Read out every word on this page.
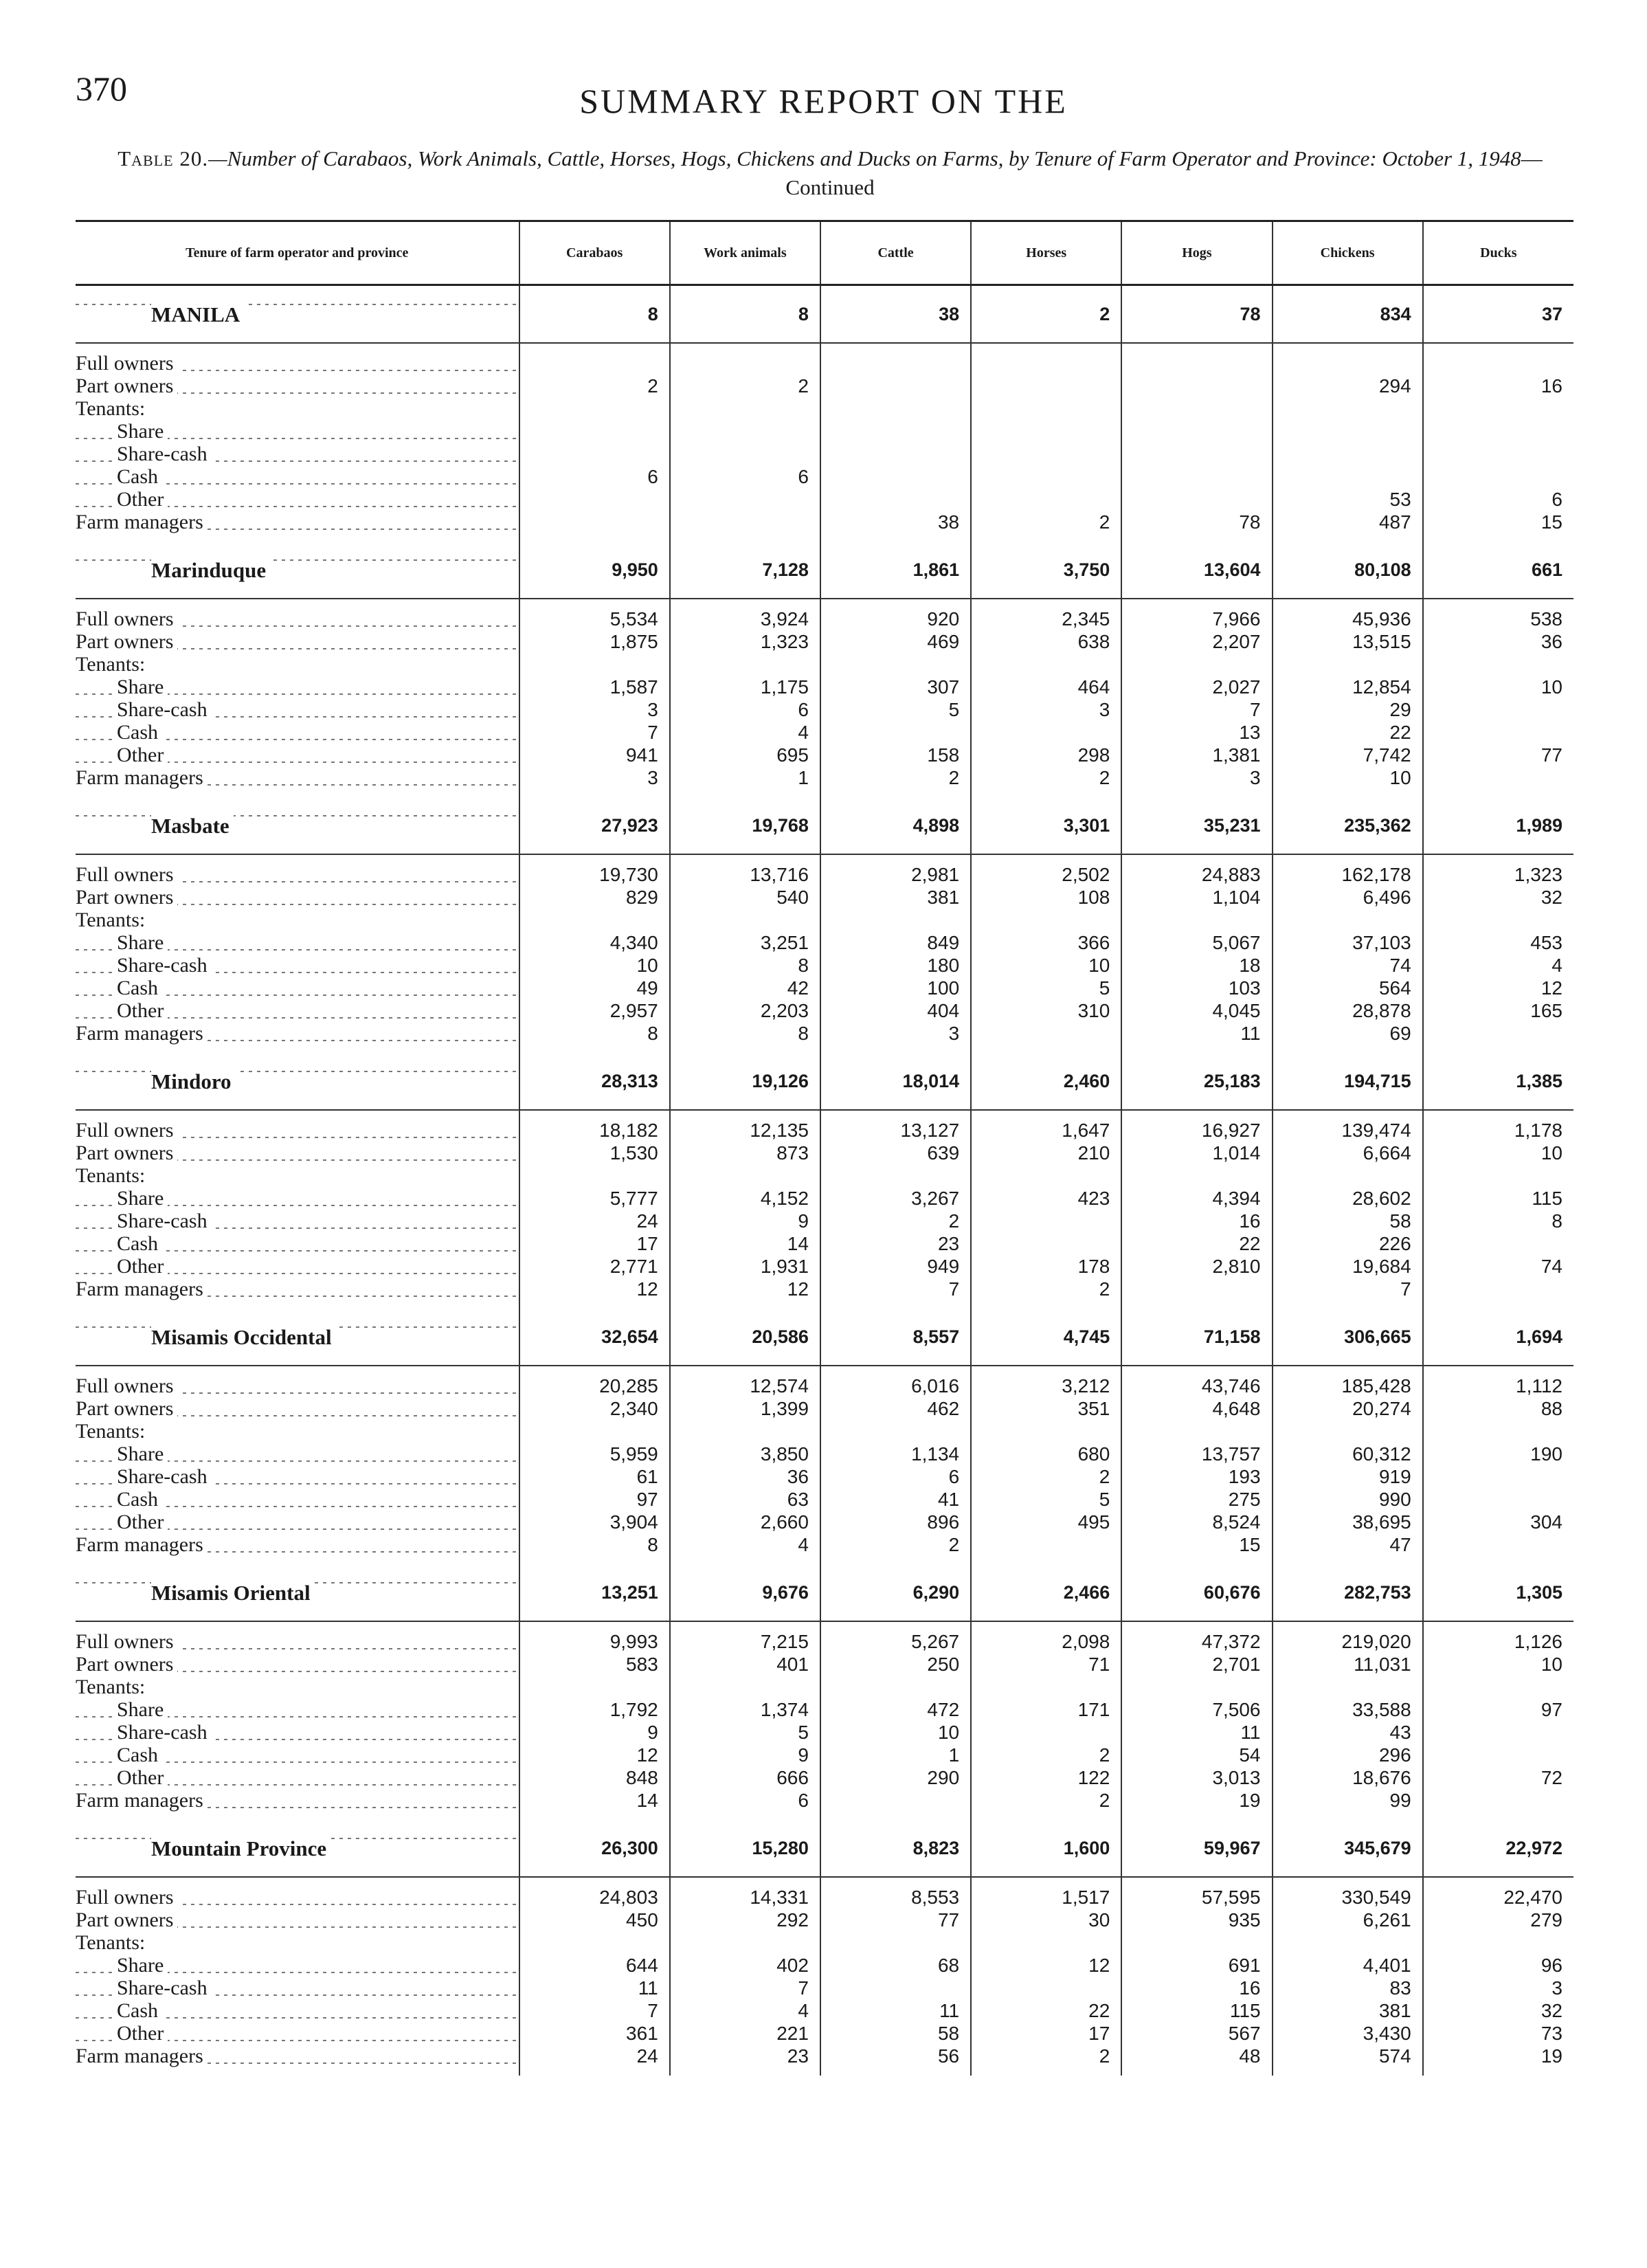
370	SUMMARY REPORT ON THE
Table 20.—Number of Carabaos, Work Animals, Cattle, Horses, Hogs, Chickens and Ducks on Farms, by Tenure of Farm Operator and Province: October 1, 1948—Continued
Tenure of farm operator and province	Carabaos	Work animals	Cattle	Horses	Hogs	Chickens	Ducks
MANILA	8	8	38	2	78	834	37

Full owners							
Part owners	2	2				294	16
Tenants:							
Share							
Share-cash							
Cash	6	6					
Other						53	6
Farm managers			38	2	78	487	15

Marinduque	9,950	7,128	1,861	3,750	13,604	80,108	661

Full owners	5,534	3,924	920	2,345	7,966	45,936	538
Part owners	1,875	1,323	469	638	2,207	13,515	36
Tenants:							
Share	1,587	1,175	307	464	2,027	12,854	10
Share-cash	3	6	5	3	7	29	
Cash	7	4			13	22	
Other	941	695	158	298	1,381	7,742	77
Farm managers	3	1	2	2	3	10	

Masbate	27,923	19,768	4,898	3,301	35,231	235,362	1,989

Full owners	19,730	13,716	2,981	2,502	24,883	162,178	1,323
Part owners	829	540	381	108	1,104	6,496	32
Tenants:							
Share	4,340	3,251	849	366	5,067	37,103	453
Share-cash	10	8	180	10	18	74	4
Cash	49	42	100	5	103	564	12
Other	2,957	2,203	404	310	4,045	28,878	165
Farm managers	8	8	3		11	69	

Mindoro	28,313	19,126	18,014	2,460	25,183	194,715	1,385

Full owners	18,182	12,135	13,127	1,647	16,927	139,474	1,178
Part owners	1,530	873	639	210	1,014	6,664	10
Tenants:							
Share	5,777	4,152	3,267	423	4,394	28,602	115
Share-cash	24	9	2		16	58	8
Cash	17	14	23		22	226	
Other	2,771	1,931	949	178	2,810	19,684	74
Farm managers	12	12	7	2		7	

Misamis Occidental	32,654	20,586	8,557	4,745	71,158	306,665	1,694

Full owners	20,285	12,574	6,016	3,212	43,746	185,428	1,112
Part owners	2,340	1,399	462	351	4,648	20,274	88
Tenants:							
Share	5,959	3,850	1,134	680	13,757	60,312	190
Share-cash	61	36	6	2	193	919	
Cash	97	63	41	5	275	990	
Other	3,904	2,660	896	495	8,524	38,695	304
Farm managers	8	4	2		15	47	

Misamis Oriental	13,251	9,676	6,290	2,466	60,676	282,753	1,305

Full owners	9,993	7,215	5,267	2,098	47,372	219,020	1,126
Part owners	583	401	250	71	2,701	11,031	10
Tenants:							
Share	1,792	1,374	472	171	7,506	33,588	97
Share-cash	9	5	10		11	43	
Cash	12	9	1	2	54	296	
Other	848	666	290	122	3,013	18,676	72
Farm managers	14	6		2	19	99	

Mountain Province	26,300	15,280	8,823	1,600	59,967	345,679	22,972

Full owners	24,803	14,331	8,553	1,517	57,595	330,549	22,470
Part owners	450	292	77	30	935	6,261	279
Tenants:							
Share	644	402	68	12	691	4,401	96
Share-cash	11	7			16	83	3
Cash	7	4	11	22	115	381	32
Other	361	221	58	17	567	3,430	73
Farm managers	24	23	56	2	48	574	19
